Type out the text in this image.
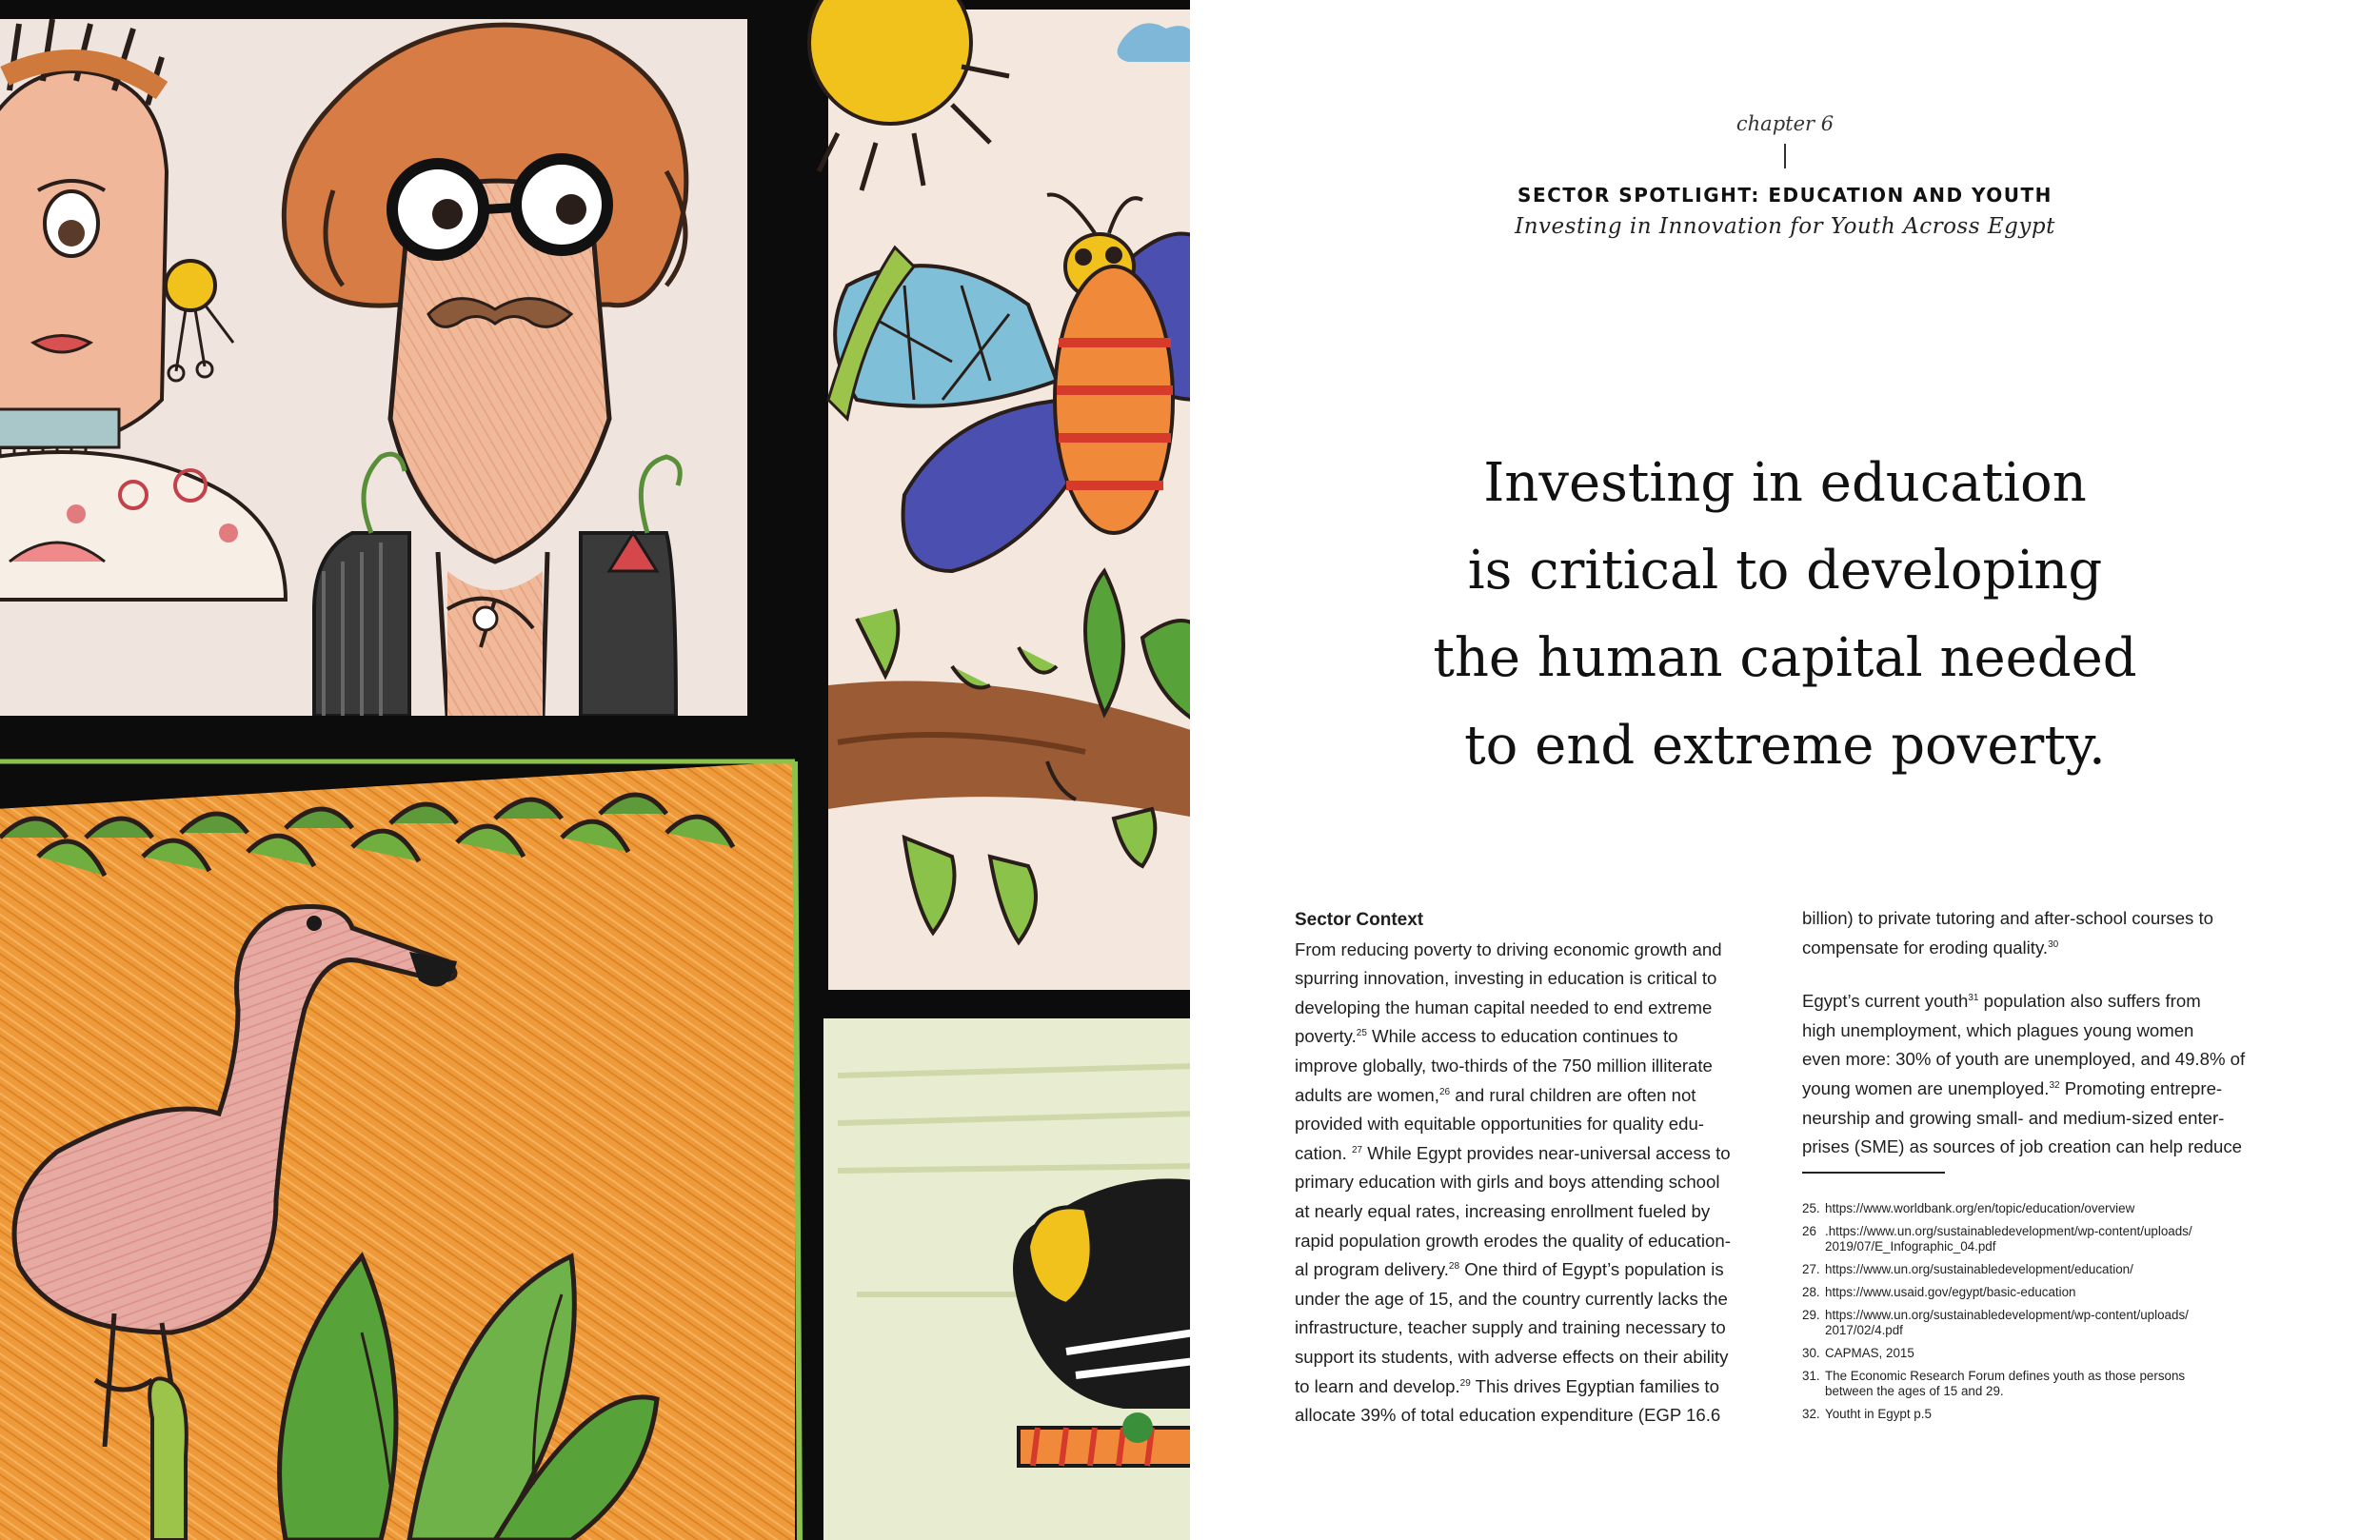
chapter 6
SECTOR SPOTLIGHT: EDUCATION AND YOUTH
Investing in Innovation for Youth Across Egypt
Investing in education
is critical to developing
the human capital needed
to end extreme poverty.
Sector Context
From reducing poverty to driving economic growth and
spurring innovation, investing in education is critical to
developing the human capital needed to end extreme
poverty.$^{25}$ While access to education continues to
improve globally, two-thirds of the 750 million illiterate
adults are women,$^{26}$ and rural children are often not
provided with equitable opportunities for quality edu-
cation. $^{27}$ While Egypt provides near-universal access to
primary education with girls and boys attending school
at nearly equal rates, increasing enrollment fueled by
rapid population growth erodes the quality of education-
al program delivery.$^{28}$ One third of Egypt’s population is
under the age of 15, and the country currently lacks the
infrastructure, teacher supply and training necessary to
support its students, with adverse effects on their ability
to learn and develop.$^{29}$ This drives Egyptian families to
allocate 39% of total education expenditure (EGP 16.6
billion) to private tutoring and after-school courses to
compensate for eroding quality.$^{30}$
Egypt’s current youth$^{31}$ population also suffers from
high unemployment, which plagues young women
even more: 30% of youth are unemployed, and 49.8% of
young women are unemployed.$^{32}$ Promoting entrepre-
neurship and growing small- and medium-sized enter-
prises (SME) as sources of job creation can help reduce
25. https://www.worldbank.org/en/topic/education/overview
26 .https://www.un.org/sustainabledevelopment/wp-content/uploads/
2019/07/E_Infographic_04.pdf
27. https://www.un.org/sustainabledevelopment/education/
28. https://www.usaid.gov/egypt/basic-education
29. https://www.un.org/sustainabledevelopment/wp-content/uploads/
2017/02/4.pdf
30. CAPMAS, 2015
31. The Economic Research Forum defines youth as those persons
between the ages of 15 and 29.
32. Youtht in Egypt p.5
